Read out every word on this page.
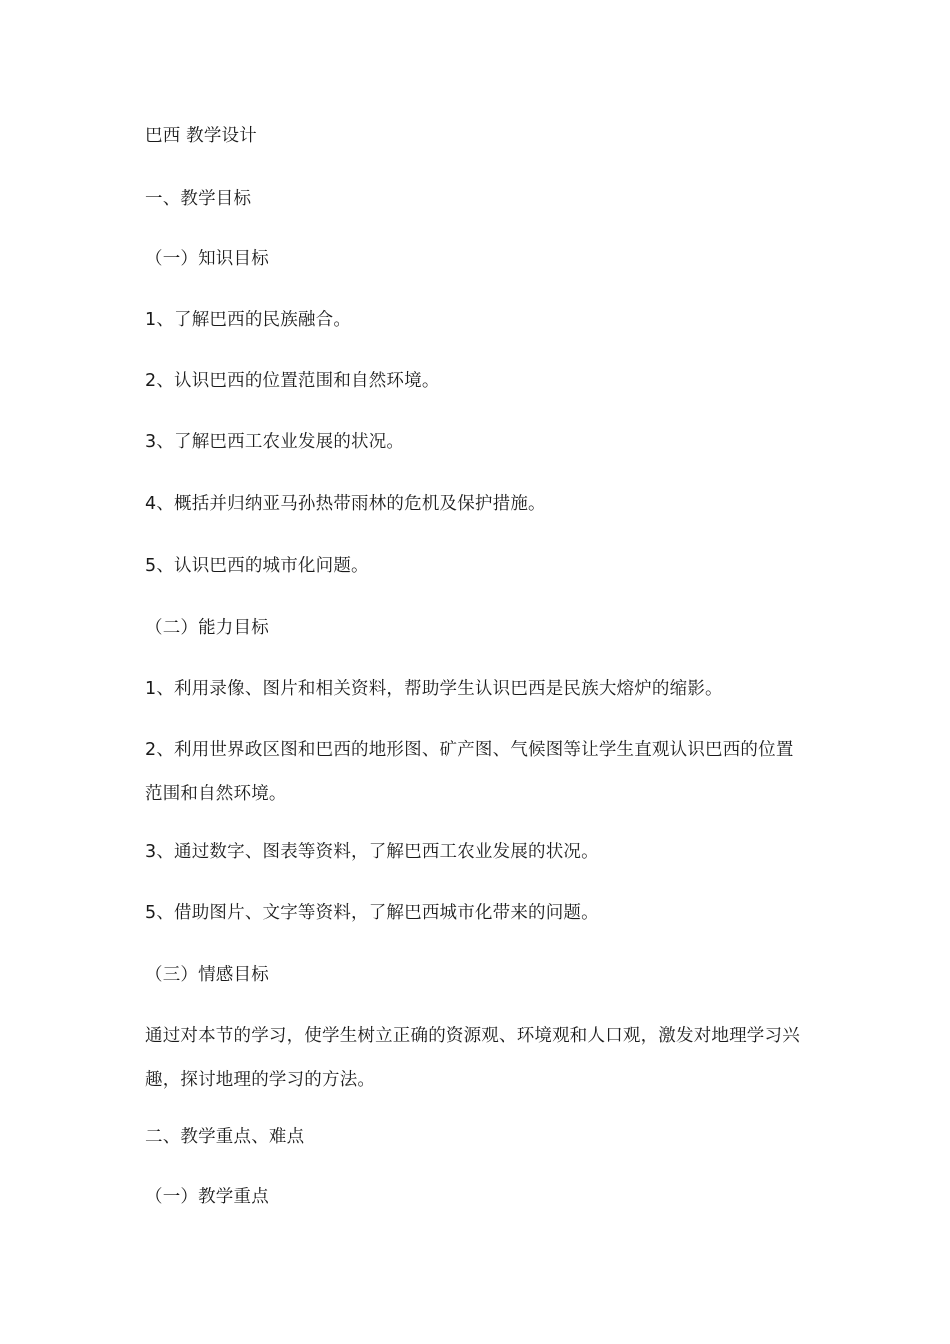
巴西 教学设计
一、教学目标
（一）知识目标
1、了解巴西的民族融合。
2、认识巴西的位置范围和自然环境。
3、了解巴西工农业发展的状况。
4、概括并归纳亚马孙热带雨林的危机及保护措施。
5、认识巴西的城市化问题。
（二）能力目标
1、利用录像、图片和相关资料，帮助学生认识巴西是民族大熔炉的缩影。
2、利用世界政区图和巴西的地形图、矿产图、气候图等让学生直观认识巴西的位置范围和自然环境。
3、通过数字、图表等资料，了解巴西工农业发展的状况。
5、借助图片、文字等资料，了解巴西城市化带来的问题。
（三）情感目标
通过对本节的学习，使学生树立正确的资源观、环境观和人口观，激发对地理学习兴趣，探讨地理的学习的方法。
二、教学重点、难点
（一）教学重点
